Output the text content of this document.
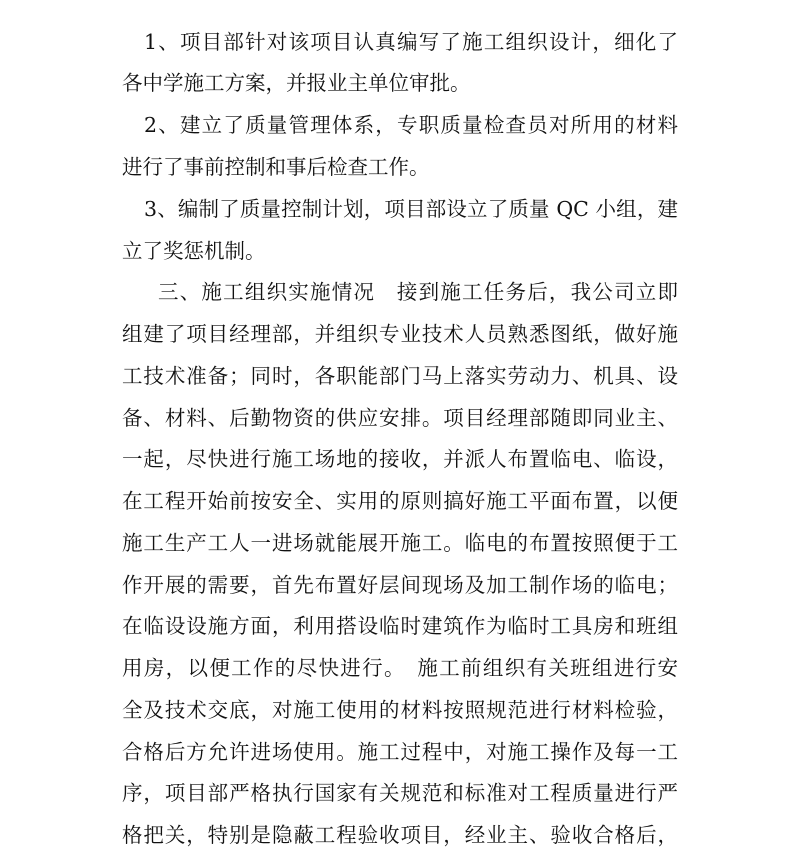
1、项目部针对该项目认真编写了施工组织设计，细化了
各中学施工方案，并报业主单位审批。
2、建立了质量管理体系，专职质量检查员对所用的材料
进行了事前控制和事后检查工作。
3、编制了质量控制计划，项目部设立了质量 QC 小组，建
立了奖惩机制。
三、施工组织实施情况　接到施工任务后，我公司立即
组建了项目经理部，并组织专业技术人员熟悉图纸，做好施
工技术准备；同时，各职能部门马上落实劳动力、机具、设
备、材料、后勤物资的供应安排。项目经理部随即同业主、
一起，尽快进行施工场地的接收，并派人布置临电、临设，
在工程开始前按安全、实用的原则搞好施工平面布置，以便
施工生产工人一进场就能展开施工。临电的布置按照便于工
作开展的需要，首先布置好层间现场及加工制作场的临电；
在临设设施方面，利用搭设临时建筑作为临时工具房和班组
用房，以便工作的尽快进行。　施工前组织有关班组进行安
全及技术交底，对施工使用的材料按照规范进行材料检验，
合格后方允许进场使用。施工过程中，对施工操作及每一工
序，项目部严格执行国家有关规范和标准对工程质量进行严
格把关，特别是隐蔽工程验收项目，经业主、验收合格后，
